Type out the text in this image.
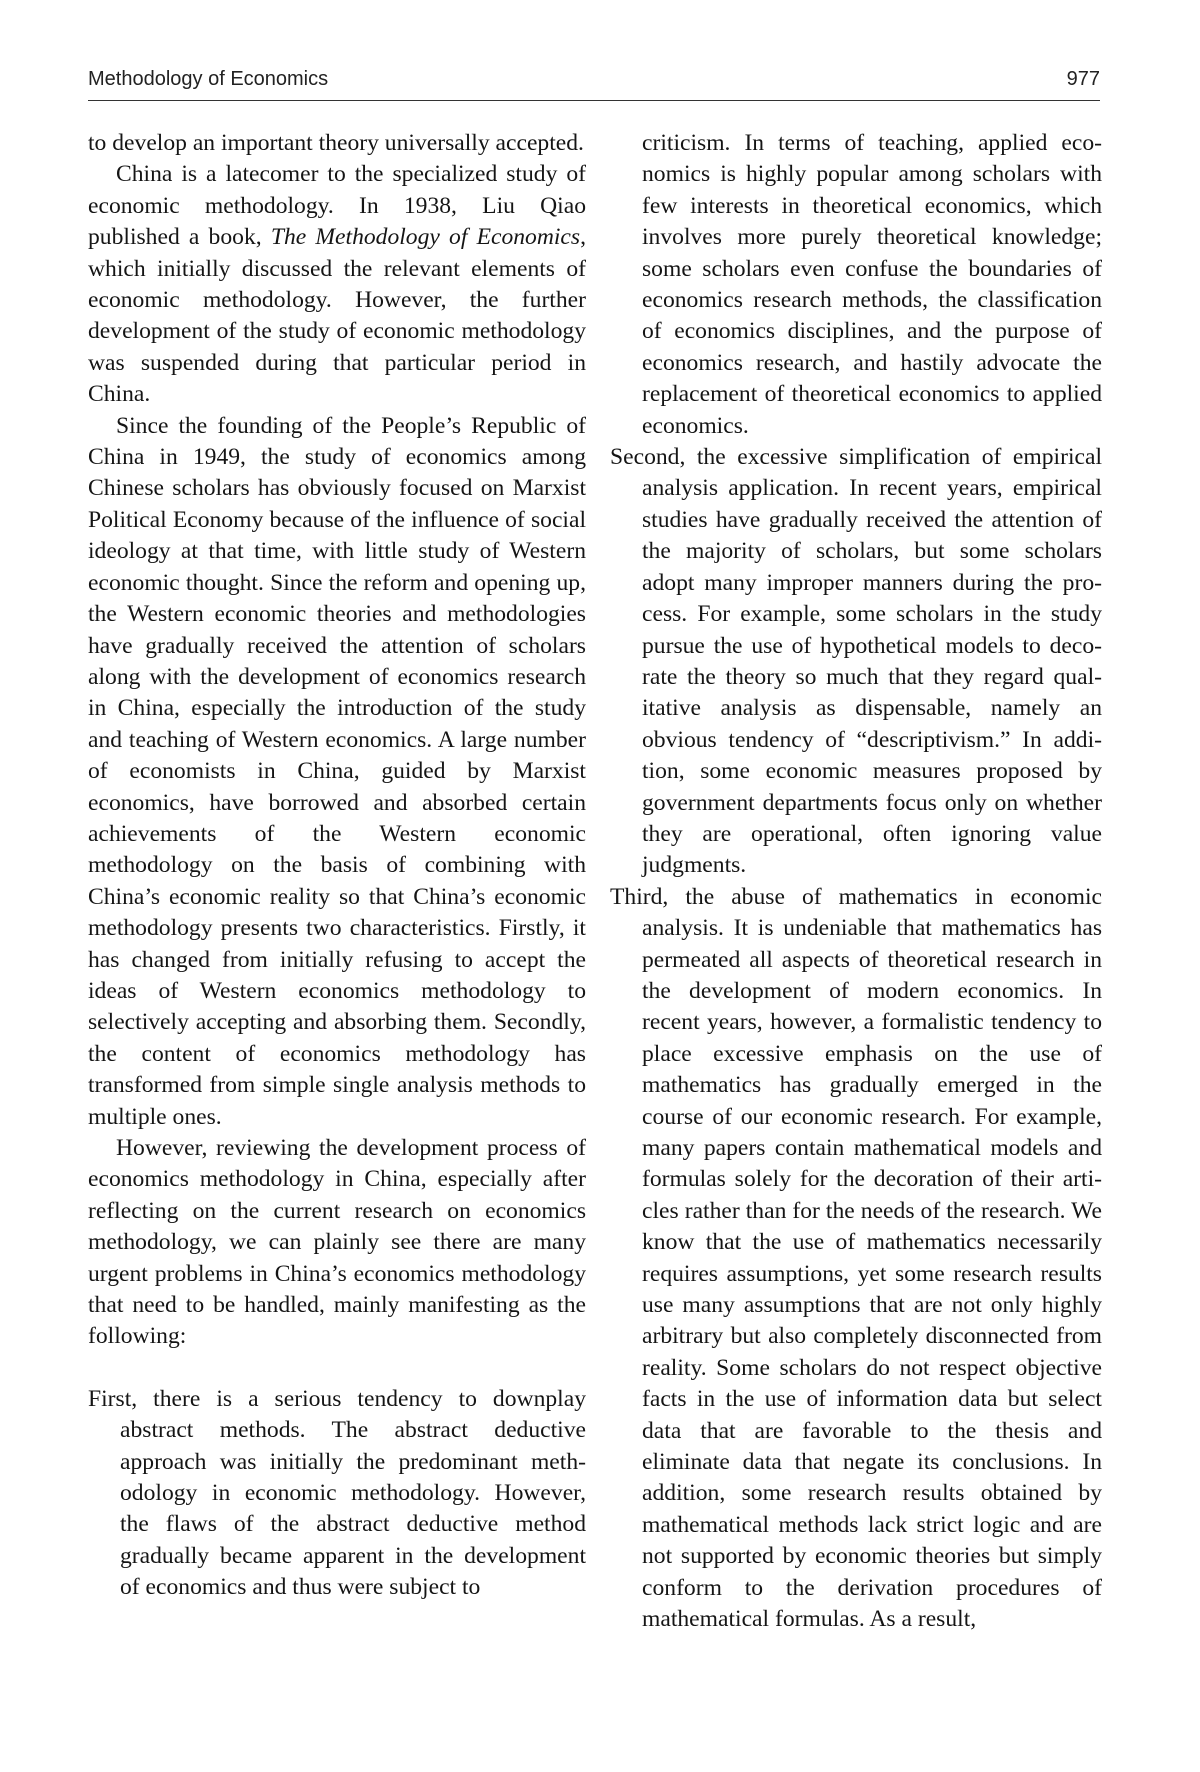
Methodology of Economics	977

to develop an important theory universally accepted.

China is a latecomer to the specialized study of economic methodology. In 1938, Liu Qiao published a book, The Methodology of Economics, which initially discussed the relevant elements of economic methodology. However, the further development of the study of economic methodology was suspended during that particular period in China.

Since the founding of the People’s Republic of China in 1949, the study of economics among Chinese scholars has obviously focused on Marxist Political Economy because of the influence of social ideology at that time, with little study of Western economic thought. Since the reform and opening up, the Western economic theories and methodologies have gradually received the attention of scholars along with the development of economics research in China, especially the introduction of the study and teaching of Western economics. A large number of economists in China, guided by Marxist economics, have borrowed and absorbed certain achievements of the Western economic methodology on the basis of combining with China’s economic reality so that China’s economic methodology presents two characteristics. Firstly, it has changed from initially refusing to accept the ideas of Western economics methodology to selectively accepting and absorbing them. Secondly, the content of economics methodology has transformed from simple single analysis methods to multiple ones.

However, reviewing the development process of economics methodology in China, especially after reflecting on the current research on economics methodology, we can plainly see there are many urgent problems in China’s economics methodology that need to be handled, mainly manifesting as the following:

First, there is a serious tendency to downplay abstract methods. The abstract deductive approach was initially the predominant methodology in economic methodology. However, the flaws of the abstract deductive method gradually became apparent in the development of economics and thus were subject to

criticism. In terms of teaching, applied economics is highly popular among scholars with few interests in theoretical economics, which involves more purely theoretical knowledge; some scholars even confuse the boundaries of economics research methods, the classification of economics disciplines, and the purpose of economics research, and hastily advocate the replacement of theoretical economics to applied economics.

Second, the excessive simplification of empirical analysis application. In recent years, empirical studies have gradually received the attention of the majority of scholars, but some scholars adopt many improper manners during the process. For example, some scholars in the study pursue the use of hypothetical models to decorate the theory so much that they regard qualitative analysis as dispensable, namely an obvious tendency of “descriptivism.” In addition, some economic measures proposed by government departments focus only on whether they are operational, often ignoring value judgments.

Third, the abuse of mathematics in economic analysis. It is undeniable that mathematics has permeated all aspects of theoretical research in the development of modern economics. In recent years, however, a formalistic tendency to place excessive emphasis on the use of mathematics has gradually emerged in the course of our economic research. For example, many papers contain mathematical models and formulas solely for the decoration of their articles rather than for the needs of the research. We know that the use of mathematics necessarily requires assumptions, yet some research results use many assumptions that are not only highly arbitrary but also completely disconnected from reality. Some scholars do not respect objective facts in the use of information data but select data that are favorable to the thesis and eliminate data that negate its conclusions. In addition, some research results obtained by mathematical methods lack strict logic and are not supported by economic theories but simply conform to the derivation procedures of mathematical formulas. As a result,
